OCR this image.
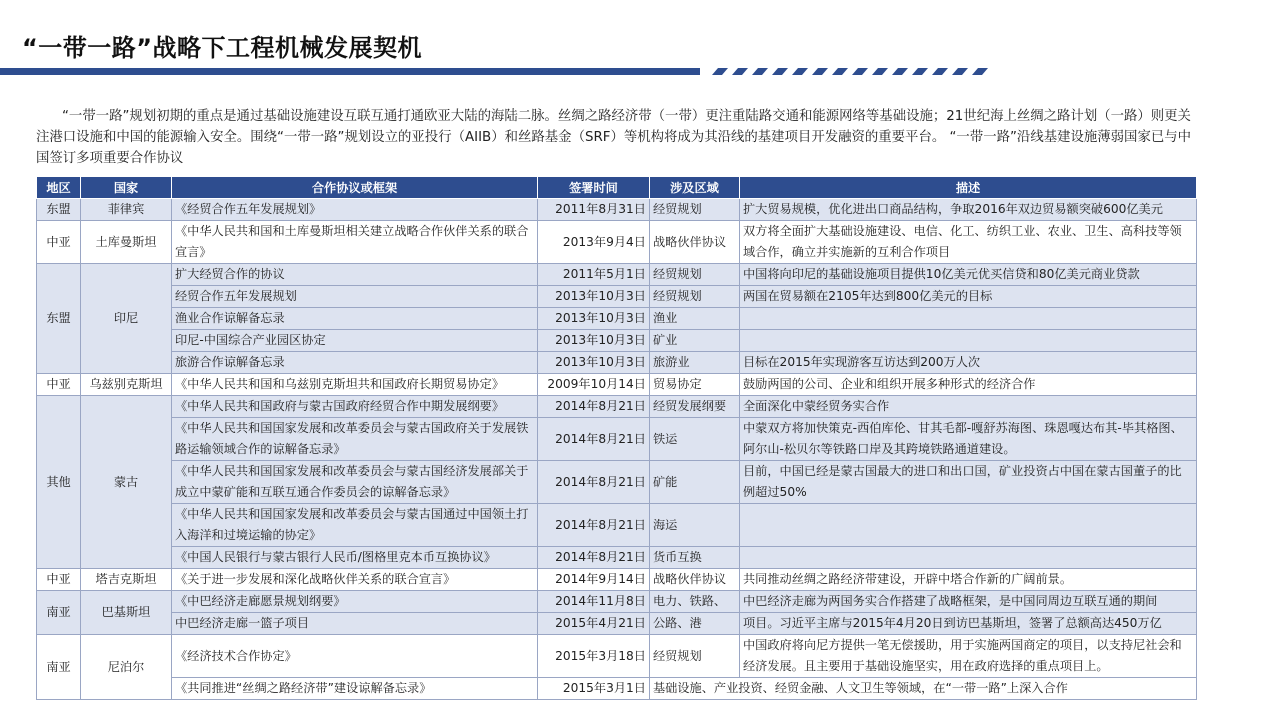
“一带一路”战略下工程机械发展契机
“一带一路”规划初期的重点是通过基础设施建设互联互通打通欧亚大陆的海陆二脉。丝绸之路经济带（一带）更注重陆路交通和能源网络等基础设施；21世纪海上丝绸之路计划（一路）则更关注港口设施和中国的能源输入安全。围绕“一带一路”规划设立的亚投行（AIIB）和丝路基金（SRF）等机构将成为其沿线的基建项目开发融资的重要平台。 “一带一路”沿线基建设施薄弱国家已与中国签订多项重要合作协议
地区	国家	合作协议或框架	签署时间	涉及区域	描述
东盟	菲律宾	《经贸合作五年发展规划》	2011年8月31日	经贸规划	扩大贸易规模，优化进出口商品结构，争取2016年双边贸易额突破600亿美元
中亚	土库曼斯坦	《中华人民共和国和土库曼斯坦相关建立战略合作伙伴关系的联合宣言》	2013年9月4日	战略伙伴协议	双方将全面扩大基础设施建设、电信、化工、纺织工业、农业、卫生、高科技等领域合作，确立并实施新的互利合作项目
东盟	印尼	扩大经贸合作的协议	2011年5月1日	经贸规划	中国将向印尼的基础设施项目提供10亿美元优买信贷和80亿美元商业贷款
		经贸合作五年发展规划	2013年10月3日	经贸规划	两国在贸易额在2105年达到800亿美元的目标
		渔业合作谅解备忘录	2013年10月3日	渔业	
		印尼-中国综合产业园区协定	2013年10月3日	矿业	
		旅游合作谅解备忘录	2013年10月3日	旅游业	目标在2015年实现游客互访达到200万人次
中亚	乌兹别克斯坦	《中华人民共和国和乌兹别克斯坦共和国政府长期贸易协定》	2009年10月14日	贸易协定	鼓励两国的公司、企业和组织开展多种形式的经济合作
其他	蒙古	《中华人民共和国政府与蒙古国政府经贸合作中期发展纲要》	2014年8月21日	经贸发展纲要	全面深化中蒙经贸务实合作
		《中华人民共和国国家发展和改革委员会与蒙古国政府关于发展铁路运输领域合作的谅解备忘录》	2014年8月21日	铁运	中蒙双方将加快策克-西伯库伦、甘其毛都-嘎舒苏海图、珠恩嘎达布其-毕其格图、阿尔山-松贝尔等铁路口岸及其跨境铁路通道建设。
		《中华人民共和国国家发展和改革委员会与蒙古国经济发展部关于成立中蒙矿能和互联互通合作委员会的谅解备忘录》	2014年8月21日	矿能	目前，中国已经是蒙古国最大的进口和出口国，矿业投资占中国在蒙古国董子的比例超过50%
		《中华人民共和国国家发展和改革委员会与蒙古国通过中国领土打入海洋和过境运输的协定》	2014年8月21日	海运	
		《中国人民银行与蒙古银行人民币/图格里克本币互换协议》	2014年8月21日	货币互换	
中亚	塔吉克斯坦	《关于进一步发展和深化战略伙伴关系的联合宣言》	2014年9月14日	战略伙伴协议	共同推动丝绸之路经济带建设，开辟中塔合作新的广阔前景。
南亚	巴基斯坦	《中巴经济走廊愿景规划纲要》	2014年11月8日	电力、铁路、	中巴经济走廊为两国务实合作搭建了战略框架，是中国同周边互联互通的期间
		中巴经济走廊一篮子项目	2015年4月21日	公路、港	项目。习近平主席与2015年4月20日到访巴基斯坦，签署了总额高达450万亿
南亚	尼泊尔	《经济技术合作协定》	2015年3月18日	经贸规划	中国政府将向尼方提供一笔无偿援助，用于实施两国商定的项目，以支持尼社会和经济发展。且主要用于基础设施坚实，用在政府选择的重点项目上。
		《共同推进“丝绸之路经济带”建设谅解备忘录》	2015年3月1日	基础设施、产业投资、经贸金融、人文卫生等领域，在“一带一路”上深入合作	
